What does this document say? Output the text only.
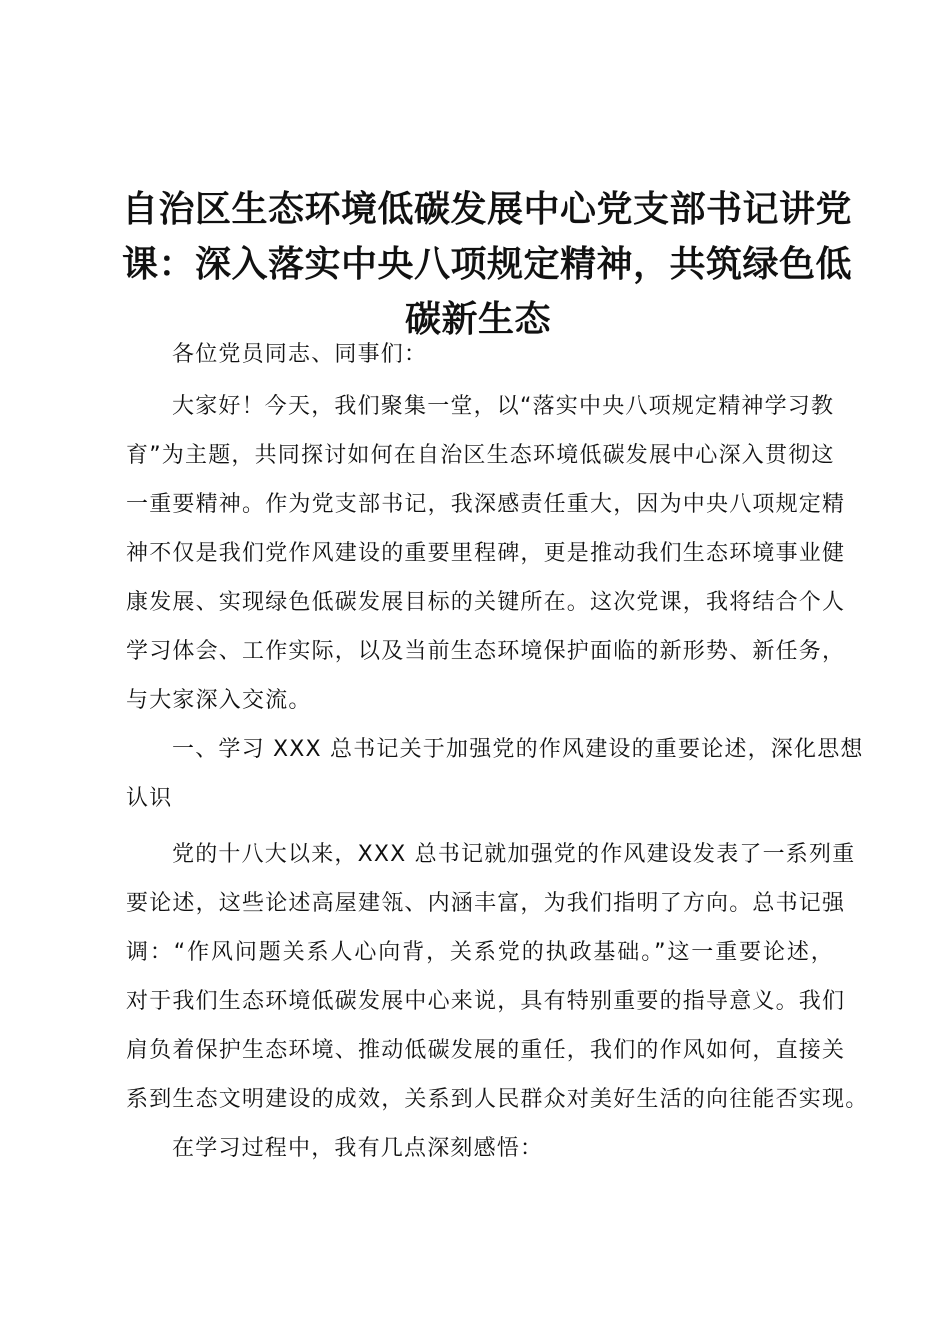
自治区生态环境低碳发展中心党支部书记讲党
课：深入落实中央八项规定精神，共筑绿色低
碳新生态
各位党员同志、同事们：
大家好！今天，我们聚集一堂，以“落实中央八项规定精神学习教
育”为主题，共同探讨如何在自治区生态环境低碳发展中心深入贯彻这
一重要精神。作为党支部书记，我深感责任重大，因为中央八项规定精
神不仅是我们党作风建设的重要里程碑，更是推动我们生态环境事业健
康发展、实现绿色低碳发展目标的关键所在。这次党课，我将结合个人
学习体会、工作实际，以及当前生态环境保护面临的新形势、新任务，
与大家深入交流。
一、学习 XXX 总书记关于加强党的作风建设的重要论述，深化思想
认识
党的十八大以来，XXX 总书记就加强党的作风建设发表了一系列重
要论述，这些论述高屋建瓴、内涵丰富，为我们指明了方向。总书记强
调：“作风问题关系人心向背，关系党的执政基础。”这一重要论述，
对于我们生态环境低碳发展中心来说，具有特别重要的指导意义。我们
肩负着保护生态环境、推动低碳发展的重任，我们的作风如何，直接关
系到生态文明建设的成效，关系到人民群众对美好生活的向往能否实现。
在学习过程中，我有几点深刻感悟：
